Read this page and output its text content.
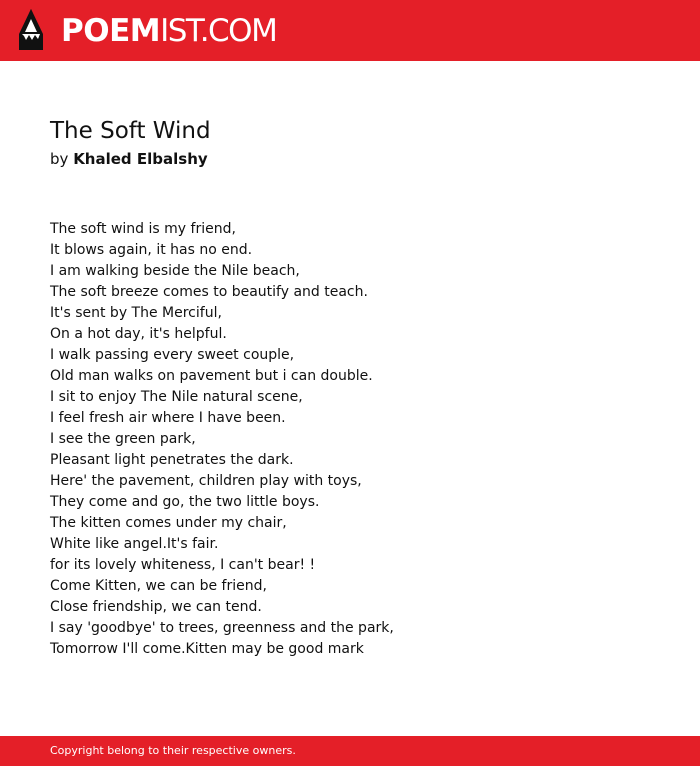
POEMIST.COM
The Soft Wind
by Khaled Elbalshy
The soft wind is my friend,
It blows again, it has no end.
I am walking beside the Nile beach,
The soft breeze comes to beautify and teach.
It's sent by The Merciful,
On a hot day, it's helpful.
I walk passing every sweet couple,
Old man walks on pavement but i can double.
I sit to enjoy The Nile natural scene,
I feel fresh air where I have been.
I see the green park,
Pleasant light penetrates the dark.
Here' the pavement, children play with toys,
They come and go, the two little boys.
The kitten comes under my chair,
White like angel.It's fair.
for its lovely whiteness, I can't bear! !
Come Kitten, we can be friend,
Close friendship, we can tend.
I say 'goodbye' to trees, greenness and the park,
Tomorrow I'll come.Kitten may be good mark
Copyright belong to their respective owners.
